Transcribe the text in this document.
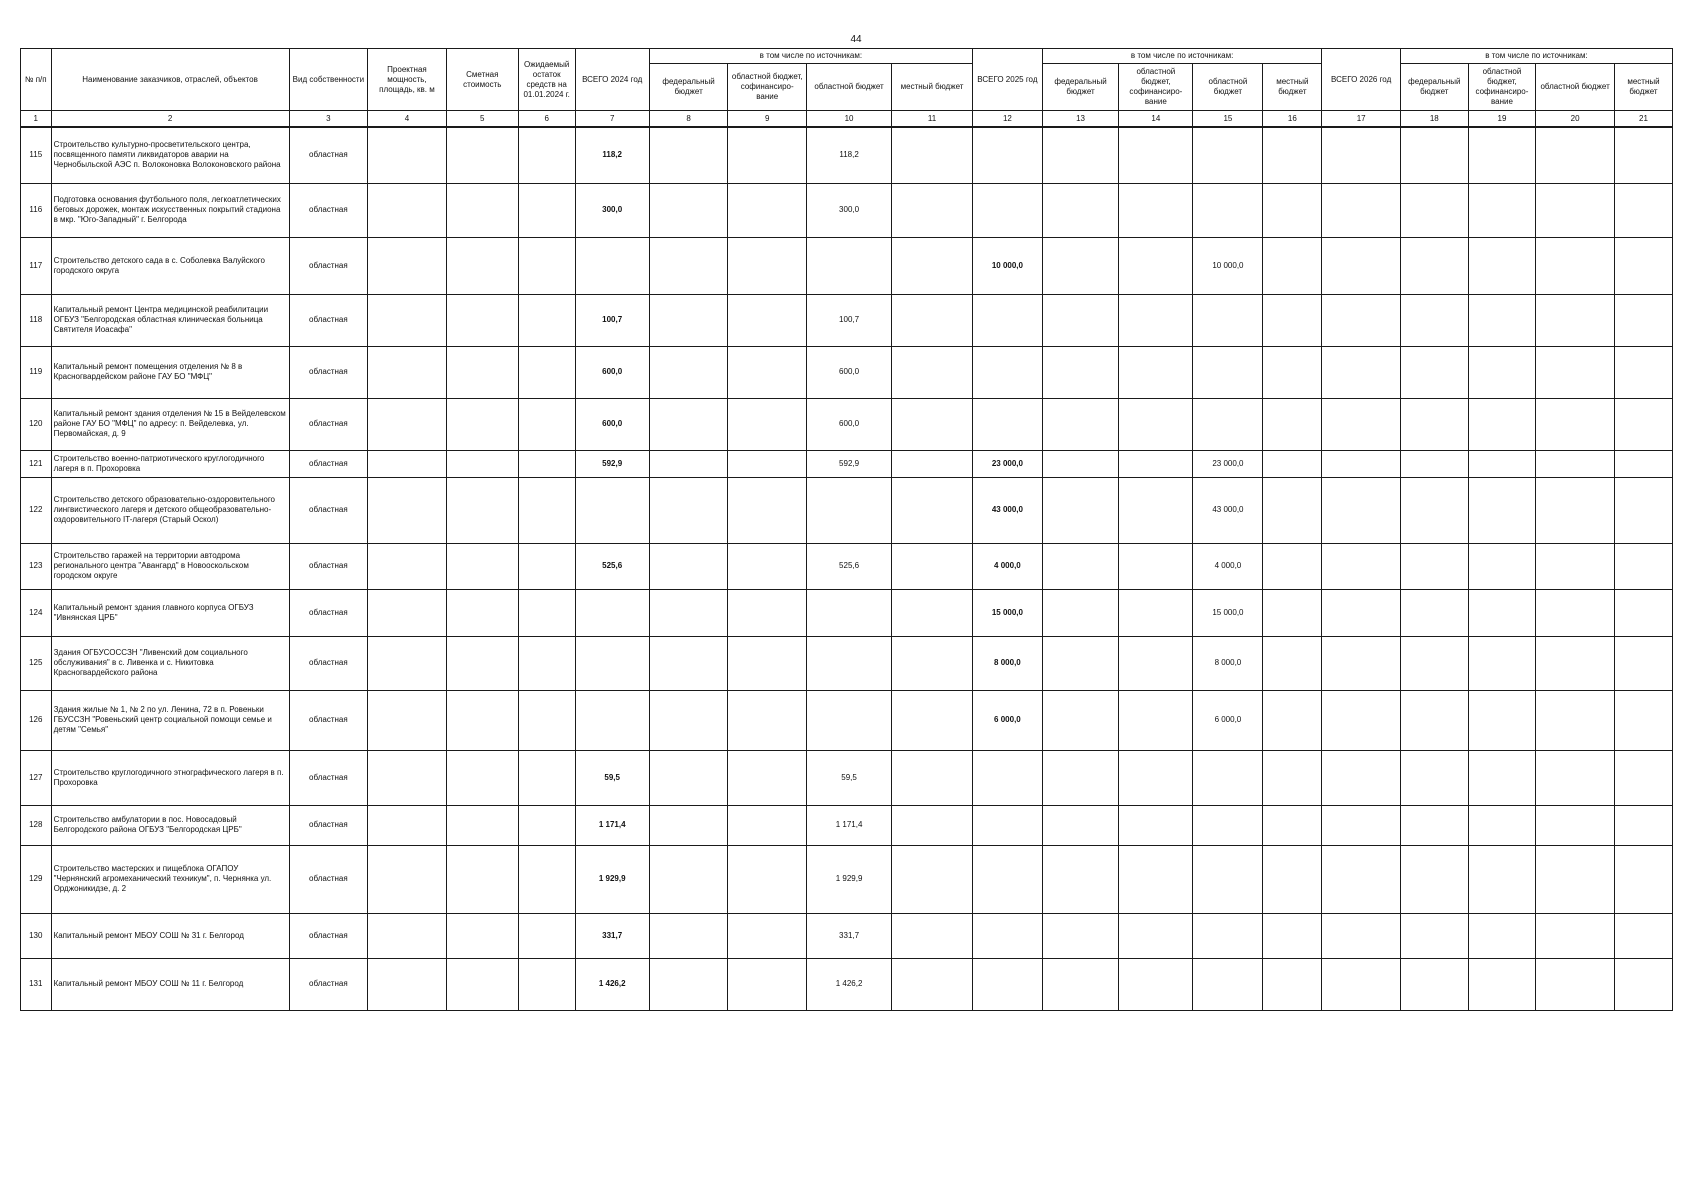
44
№ п/п	Наименование заказчиков, отраслей, объектов	Вид собственности	Проектная мощность, площадь, кв. м	Сметная стоимость	Ожидаемый остаток средств на 01.01.2024 г.	ВСЕГО 2024 год	в том числе по источникам:				ВСЕГО 2025 год	в том числе по источникам:				ВСЕГО 2026 год	в том числе по источникам:			
							федеральный бюджет	областной бюджет, софинансиро-вание	областной бюджет	местный бюджет		федеральный бюджет	областной бюджет, софинансиро-вание	областной бюджет	местный бюджет		федеральный бюджет	областной бюджет, софинансиро-вание	областной бюджет	местный бюджет
1	2	3	4	5	6	7	8	9	10	11	12	13	14	15	16	17	18	19	20	21
115	Строительство культурно-просветительского центра, посвященного памяти ликвидаторов аварии на Чернобыльской АЭС п. Волоконовка Волоконовского района	областная				118,2			118,2											
116	Подготовка основания футбольного поля, легкоатлетических беговых дорожек, монтаж искусственных покрытий стадиона в мкр. "Юго-Западный" г. Белгорода	областная				300,0			300,0											
117	Строительство детского сада в с. Соболевка Валуйского городского округа	областная									10 000,0			10 000,0						
118	Капитальный ремонт Центра медицинской реабилитации ОГБУЗ "Белгородская областная клиническая больница Святителя Иоасафа"	областная				100,7			100,7											
119	Капитальный ремонт помещения отделения № 8 в Красногвардейском районе ГАУ БО "МФЦ"	областная				600,0			600,0											
120	Капитальный ремонт здания отделения № 15 в Вейделевском районе ГАУ БО "МФЦ" по адресу: п. Вейделевка, ул. Первомайская, д. 9	областная				600,0			600,0											
121	Строительство военно-патриотического круглогодичного лагеря в п. Прохоровка	областная				592,9			592,9		23 000,0			23 000,0						
122	Строительство детского образовательно-оздоровительного лингвистического лагеря и детского общеобразовательно-оздоровительного IT-лагеря (Старый Оскол)	областная									43 000,0			43 000,0						
123	Строительство гаражей на территории автодрома регионального центра "Авангард" в Новооскольском городском округе	областная				525,6			525,6		4 000,0			4 000,0						
124	Капитальный ремонт здания главного корпуса ОГБУЗ "Ивнянская ЦРБ"	областная									15 000,0			15 000,0						
125	Здания ОГБУСОССЗН "Ливенский дом социального обслуживания" в с. Ливенка и с. Никитовка Красногвардейского района	областная									8 000,0			8 000,0						
126	Здания жилые № 1, № 2 по ул. Ленина, 72 в п. Ровеньки ГБУССЗН "Ровеньский центр социальной помощи семье и детям "Семья"	областная									6 000,0			6 000,0						
127	Строительство круглогодичного этнографического лагеря в п. Прохоровка	областная				59,5			59,5											
128	Строительство амбулатории в пос. Новосадовый Белгородского района ОГБУЗ "Белгородская ЦРБ"	областная				1 171,4			1 171,4											
129	Строительство мастерских и пищеблока ОГАПОУ "Чернянский агромеханический техникум", п. Чернянка ул. Орджоникидзе, д. 2	областная				1 929,9			1 929,9											
130	Капитальный ремонт МБОУ СОШ № 31 г. Белгород	областная				331,7			331,7											
131	Капитальный ремонт МБОУ СОШ № 11 г. Белгород	областная				1 426,2			1 426,2											
